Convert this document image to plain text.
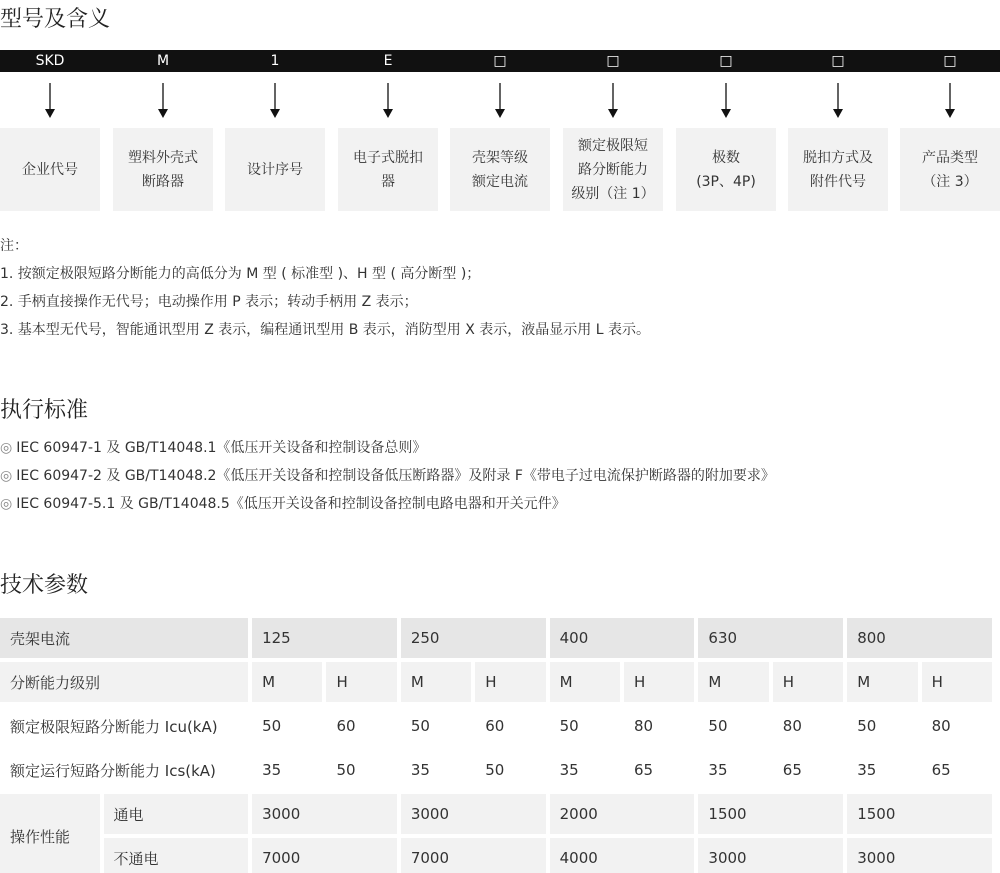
型号及含义
SKD	M	1	E	□	□	□	□	□
企业代号
塑料外壳式
断路器
设计序号
电子式脱扣
器
壳架等级
额定电流
额定极限短
路分断能力
级别（注 1）
极数
(3P、4P)
脱扣方式及
附件代号
产品类型
（注 3）
注：
1. 按额定极限短路分断能力的高低分为 M 型 ( 标准型 )、H 型 ( 高分断型 )；
2. 手柄直接操作无代号；电动操作用 P 表示；转动手柄用 Z 表示；
3. 基本型无代号，智能通讯型用 Z 表示，编程通讯型用 B 表示，消防型用 X 表示，液晶显示用 L 表示。
执行标准
◎ IEC 60947-1 及 GB/T14048.1《低压开关设备和控制设备总则》
◎ IEC 60947-2 及 GB/T14048.2《低压开关设备和控制设备低压断路器》及附录 F《带电子过电流保护断路器的附加要求》
◎ IEC 60947-5.1 及 GB/T14048.5《低压开关设备和控制设备控制电路电器和开关元件》
技术参数
壳架电流		125		250		400		630		800	
分断能力级别		M	H	M	H	M	H	M	H	M	H
额定极限短路分断能力 Icu(kA)		50	60	50	60	50	80	50	80	50	80
额定运行短路分断能力 Ics(kA)		35	50	35	50	35	65	35	65	35	65
操作性能	通电	3000		3000		2000		1500		1500	
	不通电	7000		7000		4000		3000		3000	
